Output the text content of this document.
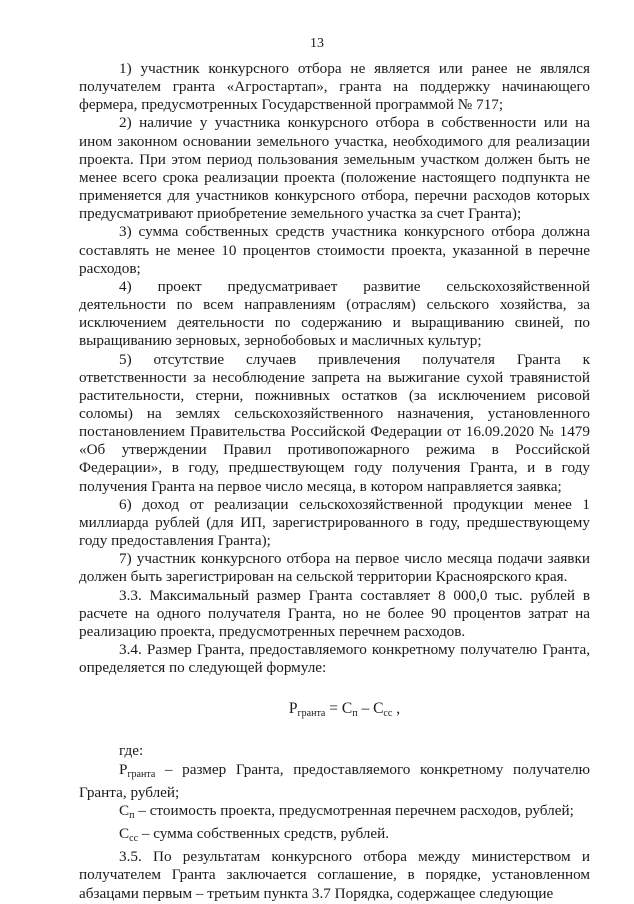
13

1) участник конкурсного отбора не является или ранее не являлся получателем гранта «Агростартап», гранта на поддержку начинающего фермера, предусмотренных Государственной программой № 717;

2) наличие у участника конкурсного отбора в собственности или на ином законном основании земельного участка, необходимого для реализации проекта. При этом период пользования земельным участком должен быть не менее всего срока реализации проекта (положение настоящего подпункта не применяется для участников конкурсного отбора, перечни расходов которых предусматривают приобретение земельного участка за счет Гранта);

3) сумма собственных средств участника конкурсного отбора должна составлять не менее 10 процентов стоимости проекта, указанной в перечне расходов;

4) проект предусматривает развитие сельскохозяйственной деятельности по всем направлениям (отраслям) сельского хозяйства, за исключением деятельности по содержанию и выращиванию свиней, по выращиванию зерновых, зернобобовых и масличных культур;

5) отсутствие случаев привлечения получателя Гранта к ответственности за несоблюдение запрета на выжигание сухой травянистой растительности, стерни, пожнивных остатков (за исключением рисовой соломы) на землях сельскохозяйственного назначения, установленного постановлением Правительства Российской Федерации от 16.09.2020 № 1479 «Об утверждении Правил противопожарного режима в Российской Федерации», в году, предшествующем году получения Гранта, и в году получения Гранта на первое число месяца, в котором направляется заявка;

6) доход от реализации сельскохозяйственной продукции менее 1 миллиарда рублей (для ИП, зарегистрированного в году, предшествующему году предоставления Гранта);

7) участник конкурсного отбора на первое число месяца подачи заявки должен быть зарегистрирован на сельской территории Красноярского края.

3.3. Максимальный размер Гранта составляет 8 000,0 тыс. рублей в расчете на одного получателя Гранта, но не более 90 процентов затрат на реализацию проекта, предусмотренных перечнем расходов.

3.4. Размер Гранта, предоставляемого конкретному получателю Гранта, определяется по следующей формуле:

$Р_{гранта} = С_п - С_{сс}$ ,

где:

$Р_{гранта}$ – размер Гранта, предоставляемого конкретному получателю Гранта, рублей;

$С_п$ – стоимость проекта, предусмотренная перечнем расходов, рублей;

$С_{сс}$ – сумма собственных средств, рублей.

3.5. По результатам конкурсного отбора между министерством и получателем Гранта заключается соглашение, в порядке, установленном абзацами первым – третьим пункта 3.7 Порядка, содержащее следующие
